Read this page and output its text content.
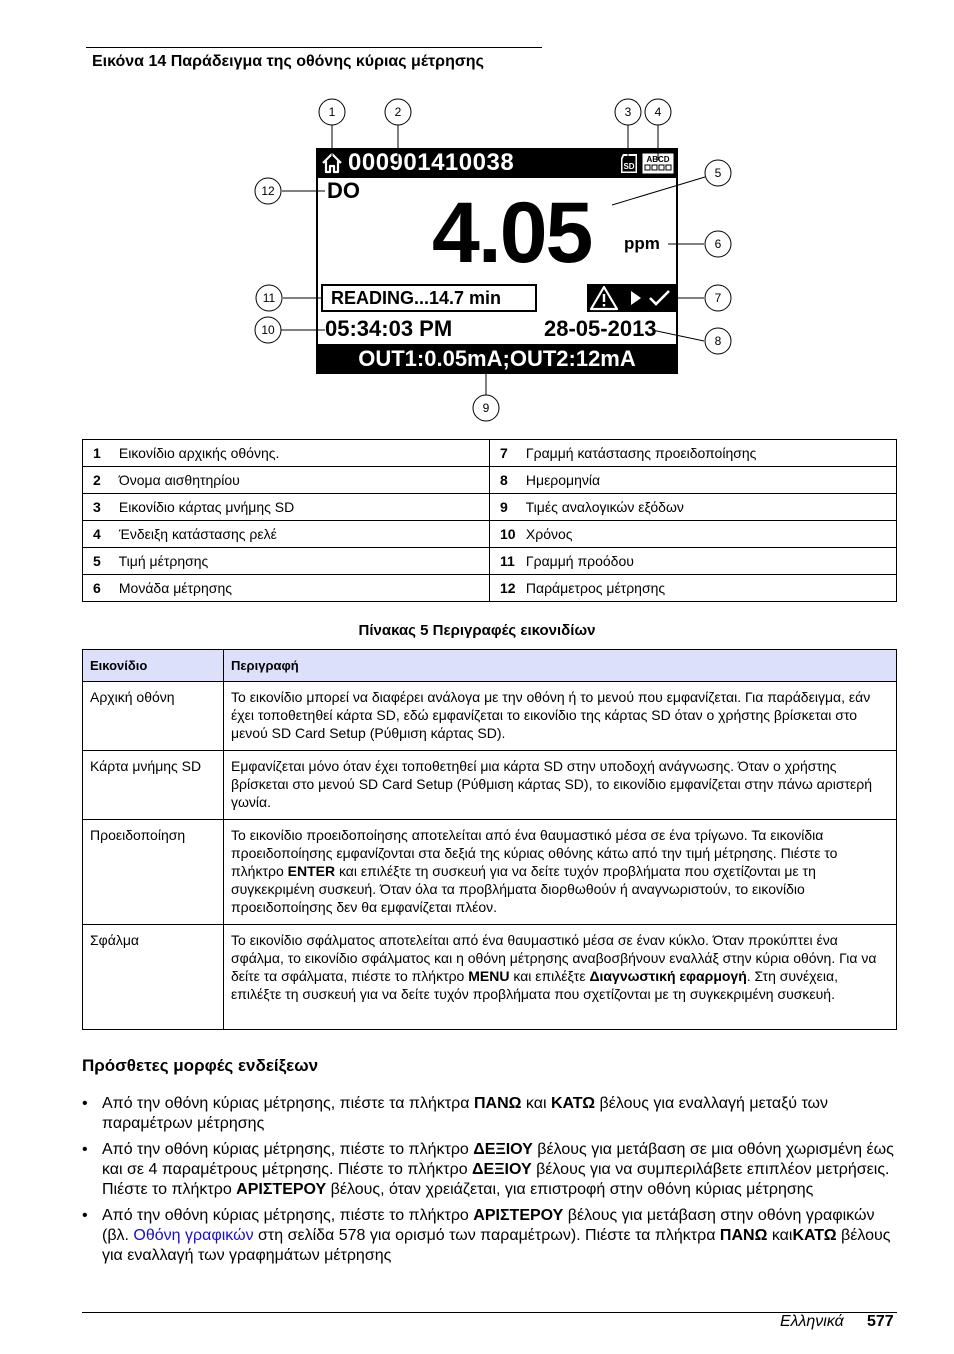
Εικόνα 14 Παράδειγμα της οθόνης κύριας μέτρησης
000901410038	SD
ABCD
DO 4.05 ppm
READING...14.7 min
05:34:03 PM	28-05-2013
OUT1:0.05mA;OUT2:12mA
1	2	3 4
5
6
7
8
9
10
11
12
1 Εικονίδιο αρχικής οθόνης.	7 Γραμμή κατάστασης προειδοποίησης
2 Όνομα αισθητηρίου	8 Ημερομηνία
3 Εικονίδιο κάρτας μνήμης SD	9 Τιμές αναλογικών εξόδων
4 Ένδειξη κατάστασης ρελέ	10 Χρόνος
5 Τιμή μέτρησης	11 Γραμμή προόδου
6 Μονάδα μέτρησης	12 Παράμετρος μέτρησης
Πίνακας 5 Περιγραφές εικονιδίων
Εικονίδιο	Περιγραφή
Αρχική οθόνη	Το εικονίδιο μπορεί να διαφέρει ανάλογα με την οθόνη ή το μενού που εμφανίζεται. Για παράδειγμα, εάν έχει τοποθετηθεί κάρτα SD, εδώ εμφανίζεται το εικονίδιο της κάρτας SD όταν ο χρήστης βρίσκεται στο μενού SD Card Setup (Ρύθμιση κάρτας SD).
Κάρτα μνήμης SD	Εμφανίζεται μόνο όταν έχει τοποθετηθεί μια κάρτα SD στην υποδοχή ανάγνωσης. Όταν ο χρήστης βρίσκεται στο μενού SD Card Setup (Ρύθμιση κάρτας SD), το εικονίδιο εμφανίζεται στην πάνω αριστερή γωνία.
Προειδοποίηση	Το εικονίδιο προειδοποίησης αποτελείται από ένα θαυμαστικό μέσα σε ένα τρίγωνο. Τα εικονίδια προειδοποίησης εμφανίζονται στα δεξιά της κύριας οθόνης κάτω από την τιμή μέτρησης. Πιέστε το πλήκτρο ENTER και επιλέξτε τη συσκευή για να δείτε τυχόν προβλήματα που σχετίζονται με τη συγκεκριμένη συσκευή. Όταν όλα τα προβλήματα διορθωθούν ή αναγνωριστούν, το εικονίδιο προειδοποίησης δεν θα εμφανίζεται πλέον.
Σφάλμα	Το εικονίδιο σφάλματος αποτελείται από ένα θαυμαστικό μέσα σε έναν κύκλο. Όταν προκύπτει ένα σφάλμα, το εικονίδιο σφάλματος και η οθόνη μέτρησης αναβοσβήνουν εναλλάξ στην κύρια οθόνη. Για να δείτε τα σφάλματα, πιέστε το πλήκτρο MENU και επιλέξτε Διαγνωστική εφαρμογή. Στη συνέχεια, επιλέξτε τη συσκευή για να δείτε τυχόν προβλήματα που σχετίζονται με τη συγκεκριμένη συσκευή.
Πρόσθετες μορφές ενδείξεων
• Από την οθόνη κύριας μέτρησης, πιέστε τα πλήκτρα ΠΑΝΩ και ΚΑΤΩ βέλους για εναλλαγή μεταξύ των παραμέτρων μέτρησης
• Από την οθόνη κύριας μέτρησης, πιέστε το πλήκτρο ΔΕΞΙΟΥ βέλους για μετάβαση σε μια οθόνη χωρισμένη έως και σε 4 παραμέτρους μέτρησης. Πιέστε το πλήκτρο ΔΕΞΙΟΥ βέλους για να συμπεριλάβετε επιπλέον μετρήσεις. Πιέστε το πλήκτρο ΑΡΙΣΤΕΡΟΥ βέλους, όταν χρειάζεται, για επιστροφή στην οθόνη κύριας μέτρησης
• Από την οθόνη κύριας μέτρησης, πιέστε το πλήκτρο ΑΡΙΣΤΕΡΟΥ βέλους για μετάβαση στην οθόνη γραφικών (βλ. Οθόνη γραφικών στη σελίδα 578 για ορισμό των παραμέτρων). Πιέστε τα πλήκτρα ΠΑΝΩ καιΚΑΤΩ βέλους για εναλλαγή των γραφημάτων μέτρησης
Ελληνικά 577
